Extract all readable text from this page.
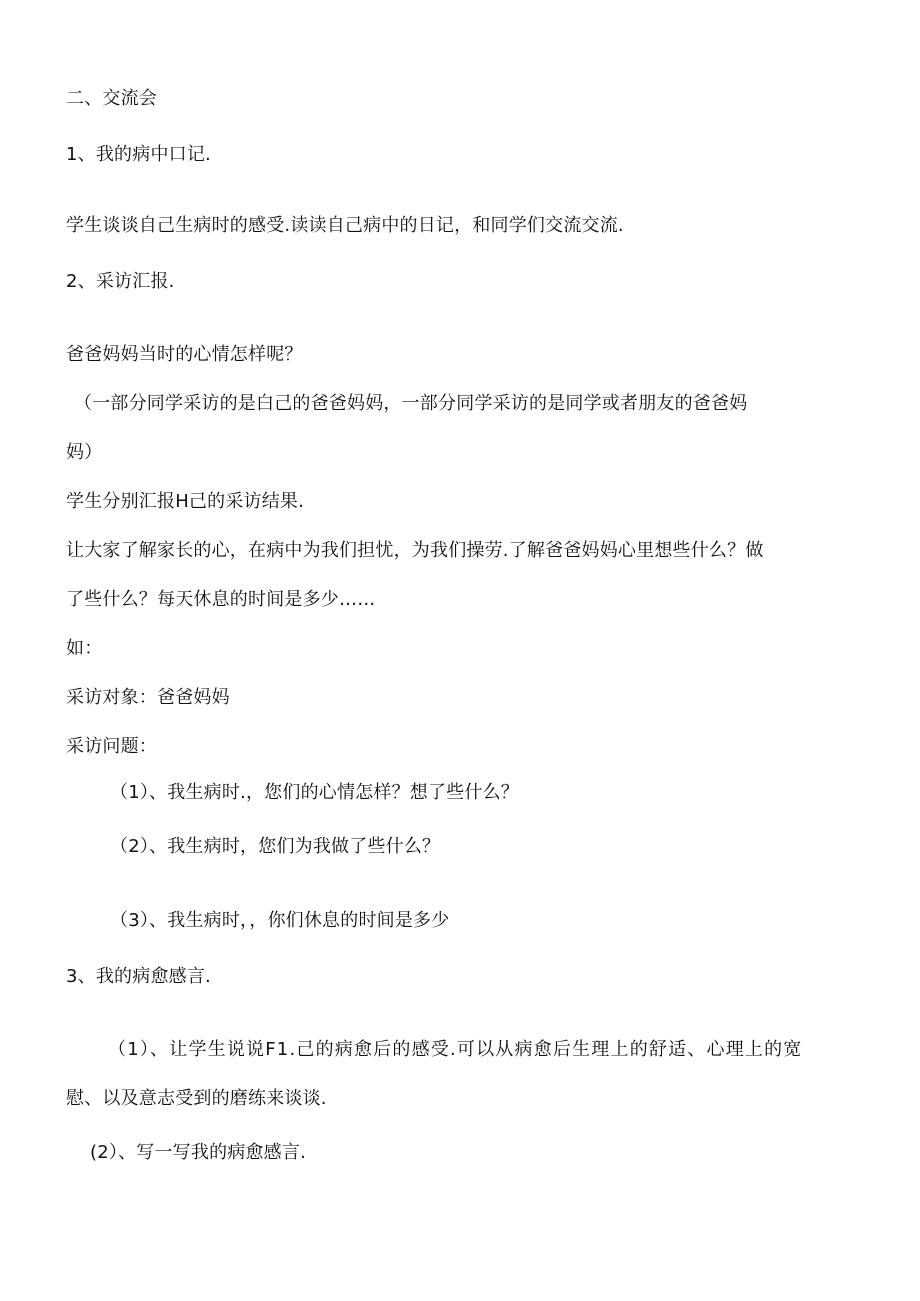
二、交流会
1、我的病中口记.
学生谈谈自己生病时的感受.读读自己病中的日记，和同学们交流交流.
2、采访汇报.
爸爸妈妈当时的心情怎样呢？
（一部分同学采访的是白己的爸爸妈妈，一部分同学采访的是同学或者朋友的爸爸妈
妈）
学生分别汇报H己的采访结果.
让大家了解家长的心，在病中为我们担忧，为我们操劳.了解爸爸妈妈心里想些什么？做
了些什么？每天休息的时间是多少……
如：
采访对象：爸爸妈妈
采访问题：
（1）、我生病时.，您们的心情怎样？想了些什么？
（2）、我生病时，您们为我做了些什么？
（3）、我生病时，，你们休息的时间是多少
3、我的病愈感言.
（1）、让学生说说F1.己的病愈后的感受.可以从病愈后生理上的舒适、心理上的宽
慰、以及意志受到的磨练来谈谈.
(2）、写一写我的病愈感言.
